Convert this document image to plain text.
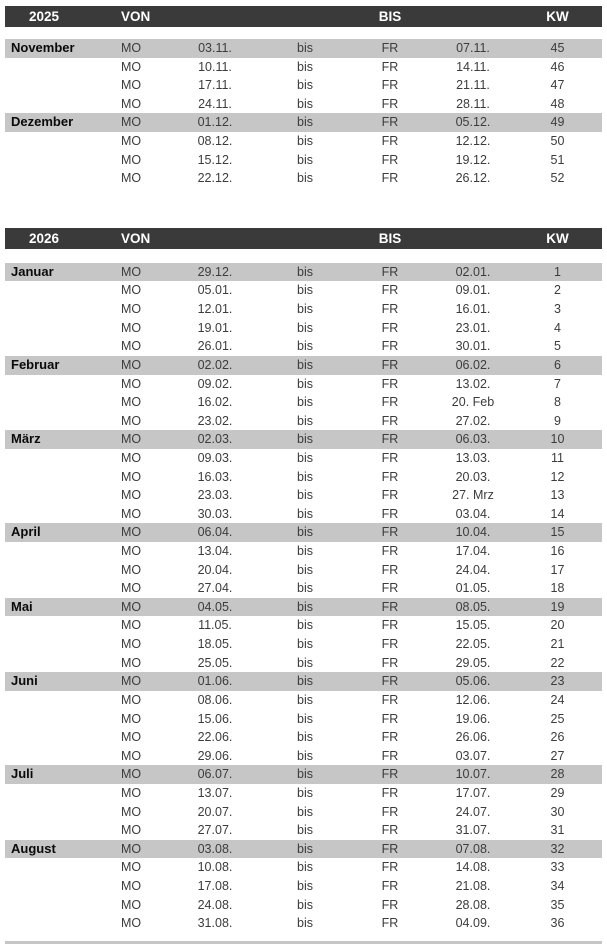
2025	VON	BIS	KW
November	MO	03.11.	bis	FR	07.11.	45
MO	10.11.	bis	FR	14.11.	46
MO	17.11.	bis	FR	21.11.	47
MO	24.11.	bis	FR	28.11.	48
Dezember	MO	01.12.	bis	FR	05.12.	49
MO	08.12.	bis	FR	12.12.	50
MO	15.12.	bis	FR	19.12.	51
MO	22.12.	bis	FR	26.12.	52
2026	VON	BIS	KW
Januar	MO	29.12.	bis	FR	02.01.	1
MO	05.01.	bis	FR	09.01.	2
MO	12.01.	bis	FR	16.01.	3
MO	19.01.	bis	FR	23.01.	4
MO	26.01.	bis	FR	30.01.	5
Februar	MO	02.02.	bis	FR	06.02.	6
MO	09.02.	bis	FR	13.02.	7
MO	16.02.	bis	FR	20. Feb	8
MO	23.02.	bis	FR	27.02.	9
März	MO	02.03.	bis	FR	06.03.	10
MO	09.03.	bis	FR	13.03.	11
MO	16.03.	bis	FR	20.03.	12
MO	23.03.	bis	FR	27. Mrz	13
MO	30.03.	bis	FR	03.04.	14
April	MO	06.04.	bis	FR	10.04.	15
MO	13.04.	bis	FR	17.04.	16
MO	20.04.	bis	FR	24.04.	17
MO	27.04.	bis	FR	01.05.	18
Mai	MO	04.05.	bis	FR	08.05.	19
MO	11.05.	bis	FR	15.05.	20
MO	18.05.	bis	FR	22.05.	21
MO	25.05.	bis	FR	29.05.	22
Juni	MO	01.06.	bis	FR	05.06.	23
MO	08.06.	bis	FR	12.06.	24
MO	15.06.	bis	FR	19.06.	25
MO	22.06.	bis	FR	26.06.	26
MO	29.06.	bis	FR	03.07.	27
Juli	MO	06.07.	bis	FR	10.07.	28
MO	13.07.	bis	FR	17.07.	29
MO	20.07.	bis	FR	24.07.	30
MO	27.07.	bis	FR	31.07.	31
August	MO	03.08.	bis	FR	07.08.	32
MO	10.08.	bis	FR	14.08.	33
MO	17.08.	bis	FR	21.08.	34
MO	24.08.	bis	FR	28.08.	35
MO	31.08.	bis	FR	04.09.	36
